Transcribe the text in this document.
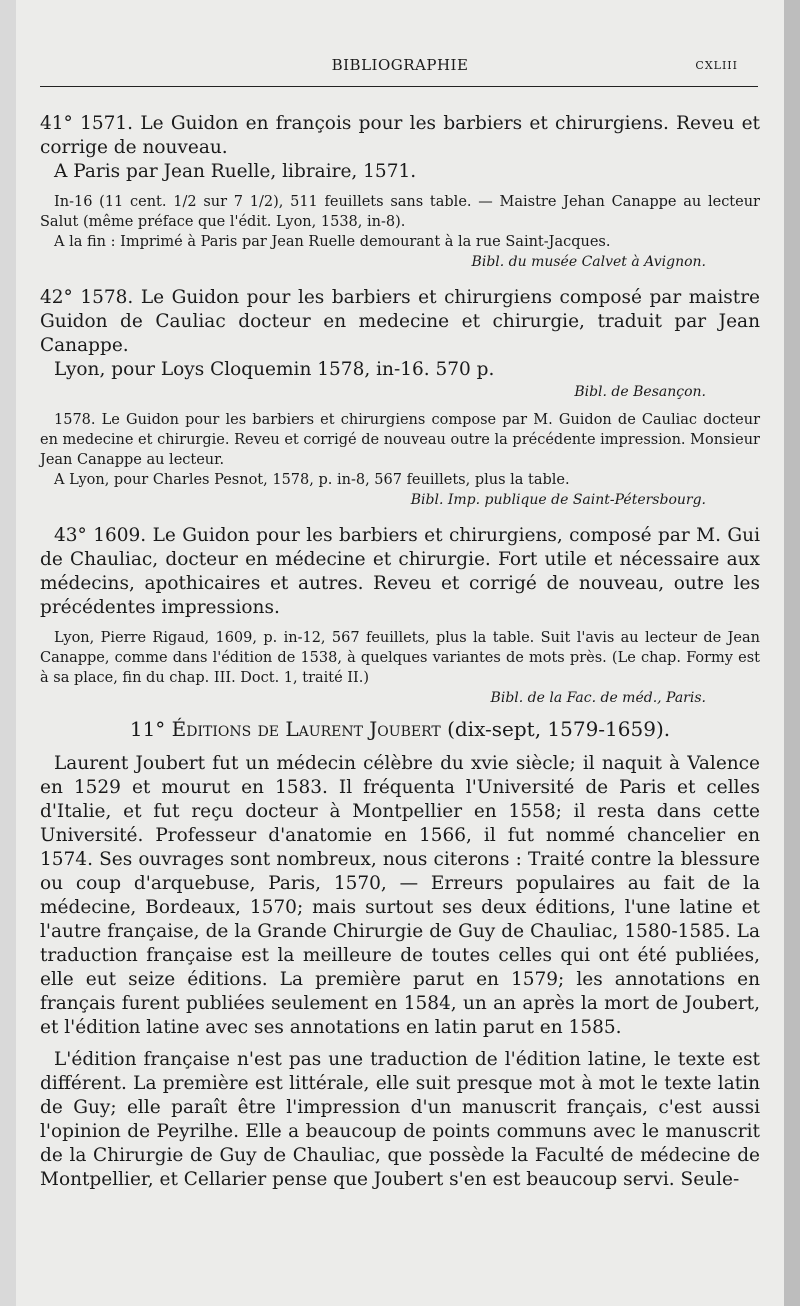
BIBLIOGRAPHIE	CXLIII

41° 1571. Le Guidon en françois pour les barbiers et chirurgiens. Reveu et corrige de nouveau.

A Paris par Jean Ruelle, libraire, 1571.

In-16 (11 cent. 1/2 sur 7 1/2), 511 feuillets sans table. — Maistre Jehan Canappe au lecteur Salut (même préface que l'édit. Lyon, 1538, in-8).

A la fin : Imprimé à Paris par Jean Ruelle demourant à la rue Saint-Jacques.

Bibl. du musée Calvet à Avignon.

42° 1578. Le Guidon pour les barbiers et chirurgiens composé par maistre Guidon de Cauliac docteur en medecine et chirurgie, traduit par Jean Canappe.

Lyon, pour Loys Cloquemin 1578, in-16. 570 p.

Bibl. de Besançon.

1578. Le Guidon pour les barbiers et chirurgiens compose par M. Guidon de Cauliac docteur en medecine et chirurgie. Reveu et corrigé de nouveau outre la précédente impression. Monsieur Jean Canappe au lecteur.

A Lyon, pour Charles Pesnot, 1578, p. in-8, 567 feuillets, plus la table.

Bibl. Imp. publique de Saint-Pétersbourg.

43° 1609. Le Guidon pour les barbiers et chirurgiens, composé par M. Gui de Chauliac, docteur en médecine et chirurgie. Fort utile et nécessaire aux médecins, apothicaires et autres. Reveu et corrigé de nouveau, outre les précédentes impressions.

Lyon, Pierre Rigaud, 1609, p. in-12, 567 feuillets, plus la table. Suit l'avis au lecteur de Jean Canappe, comme dans l'édition de 1538, à quelques variantes de mots près. (Le chap. Formy est à sa place, fin du chap. III. Doct. 1, traité II.)

Bibl. de la Fac. de méd., Paris.

11° Éditions de Laurent Joubert (dix-sept, 1579-1659).

Laurent Joubert fut un médecin célèbre du xvie siècle; il naquit à Valence en 1529 et mourut en 1583. Il fréquenta l'Université de Paris et celles d'Italie, et fut reçu docteur à Montpellier en 1558; il resta dans cette Université. Professeur d'anatomie en 1566, il fut nommé chancelier en 1574. Ses ouvrages sont nombreux, nous citerons : Traité contre la blessure ou coup d'arquebuse, Paris, 1570, — Erreurs populaires au fait de la médecine, Bordeaux, 1570; mais surtout ses deux éditions, l'une latine et l'autre française, de la Grande Chirurgie de Guy de Chauliac, 1580-1585. La traduction française est la meilleure de toutes celles qui ont été publiées, elle eut seize éditions. La première parut en 1579; les annotations en français furent publiées seulement en 1584, un an après la mort de Joubert, et l'édition latine avec ses annotations en latin parut en 1585.

L'édition française n'est pas une traduction de l'édition latine, le texte est différent. La première est littérale, elle suit presque mot à mot le texte latin de Guy; elle paraît être l'impression d'un manuscrit français, c'est aussi l'opinion de Peyrilhe. Elle a beaucoup de points communs avec le manuscrit de la Chirurgie de Guy de Chauliac, que possède la Faculté de médecine de Montpellier, et Cellarier pense que Joubert s'en est beaucoup servi. Seule-
